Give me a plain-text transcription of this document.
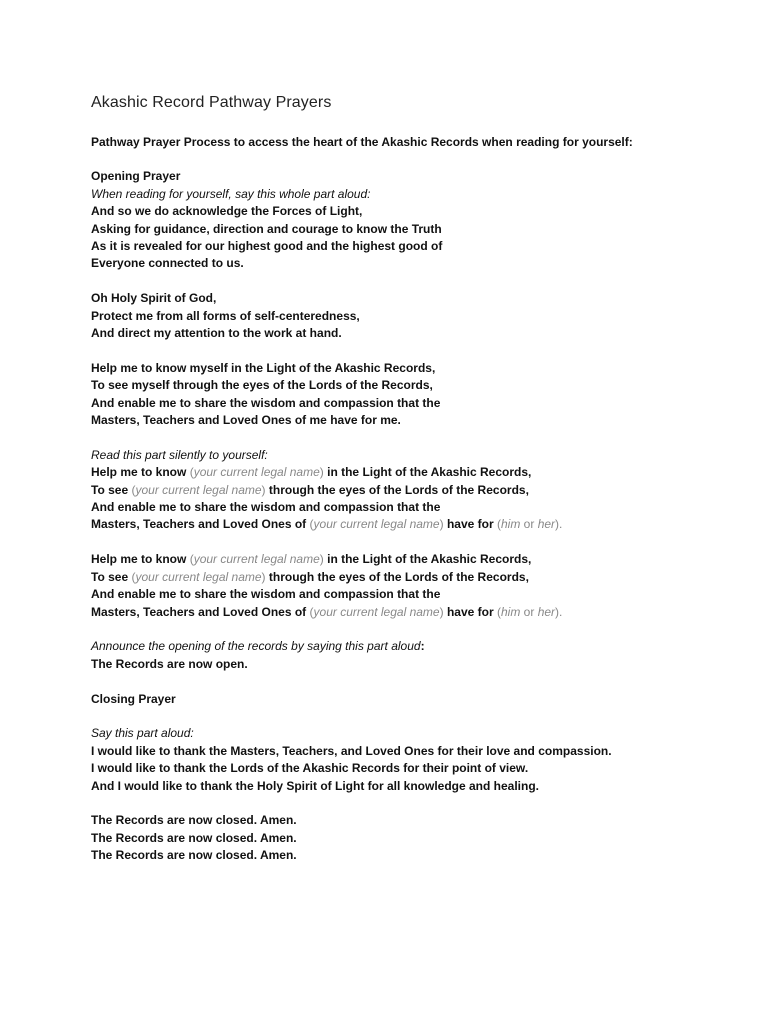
Akashic Record Pathway Prayers
Pathway Prayer Process to access the heart of the Akashic Records when reading for yourself:
Opening Prayer
When reading for yourself, say this whole part aloud:
And so we do acknowledge the Forces of Light,
Asking for guidance, direction and courage to know the Truth
As it is revealed for our highest good and the highest good of
Everyone connected to us.
Oh Holy Spirit of God,
Protect me from all forms of self-centeredness,
And direct my attention to the work at hand.
Help me to know myself in the Light of the Akashic Records,
To see myself through the eyes of the Lords of the Records,
And enable me to share the wisdom and compassion that the
Masters, Teachers and Loved Ones of me have for me.
Read this part silently to yourself:
Help me to know (your current legal name) in the Light of the Akashic Records,
To see (your current legal name) through the eyes of the Lords of the Records,
And enable me to share the wisdom and compassion that the
Masters, Teachers and Loved Ones of (your current legal name) have for (him or her).
Help me to know (your current legal name) in the Light of the Akashic Records,
To see (your current legal name) through the eyes of the Lords of the Records,
And enable me to share the wisdom and compassion that the
Masters, Teachers and Loved Ones of (your current legal name) have for (him or her).
Announce the opening of the records by saying this part aloud:
The Records are now open.
Closing Prayer
Say this part aloud:
I would like to thank the Masters, Teachers, and Loved Ones for their love and compassion.
I would like to thank the Lords of the Akashic Records for their point of view.
And I would like to thank the Holy Spirit of Light for all knowledge and healing.
The Records are now closed. Amen.
The Records are now closed. Amen.
The Records are now closed. Amen.
